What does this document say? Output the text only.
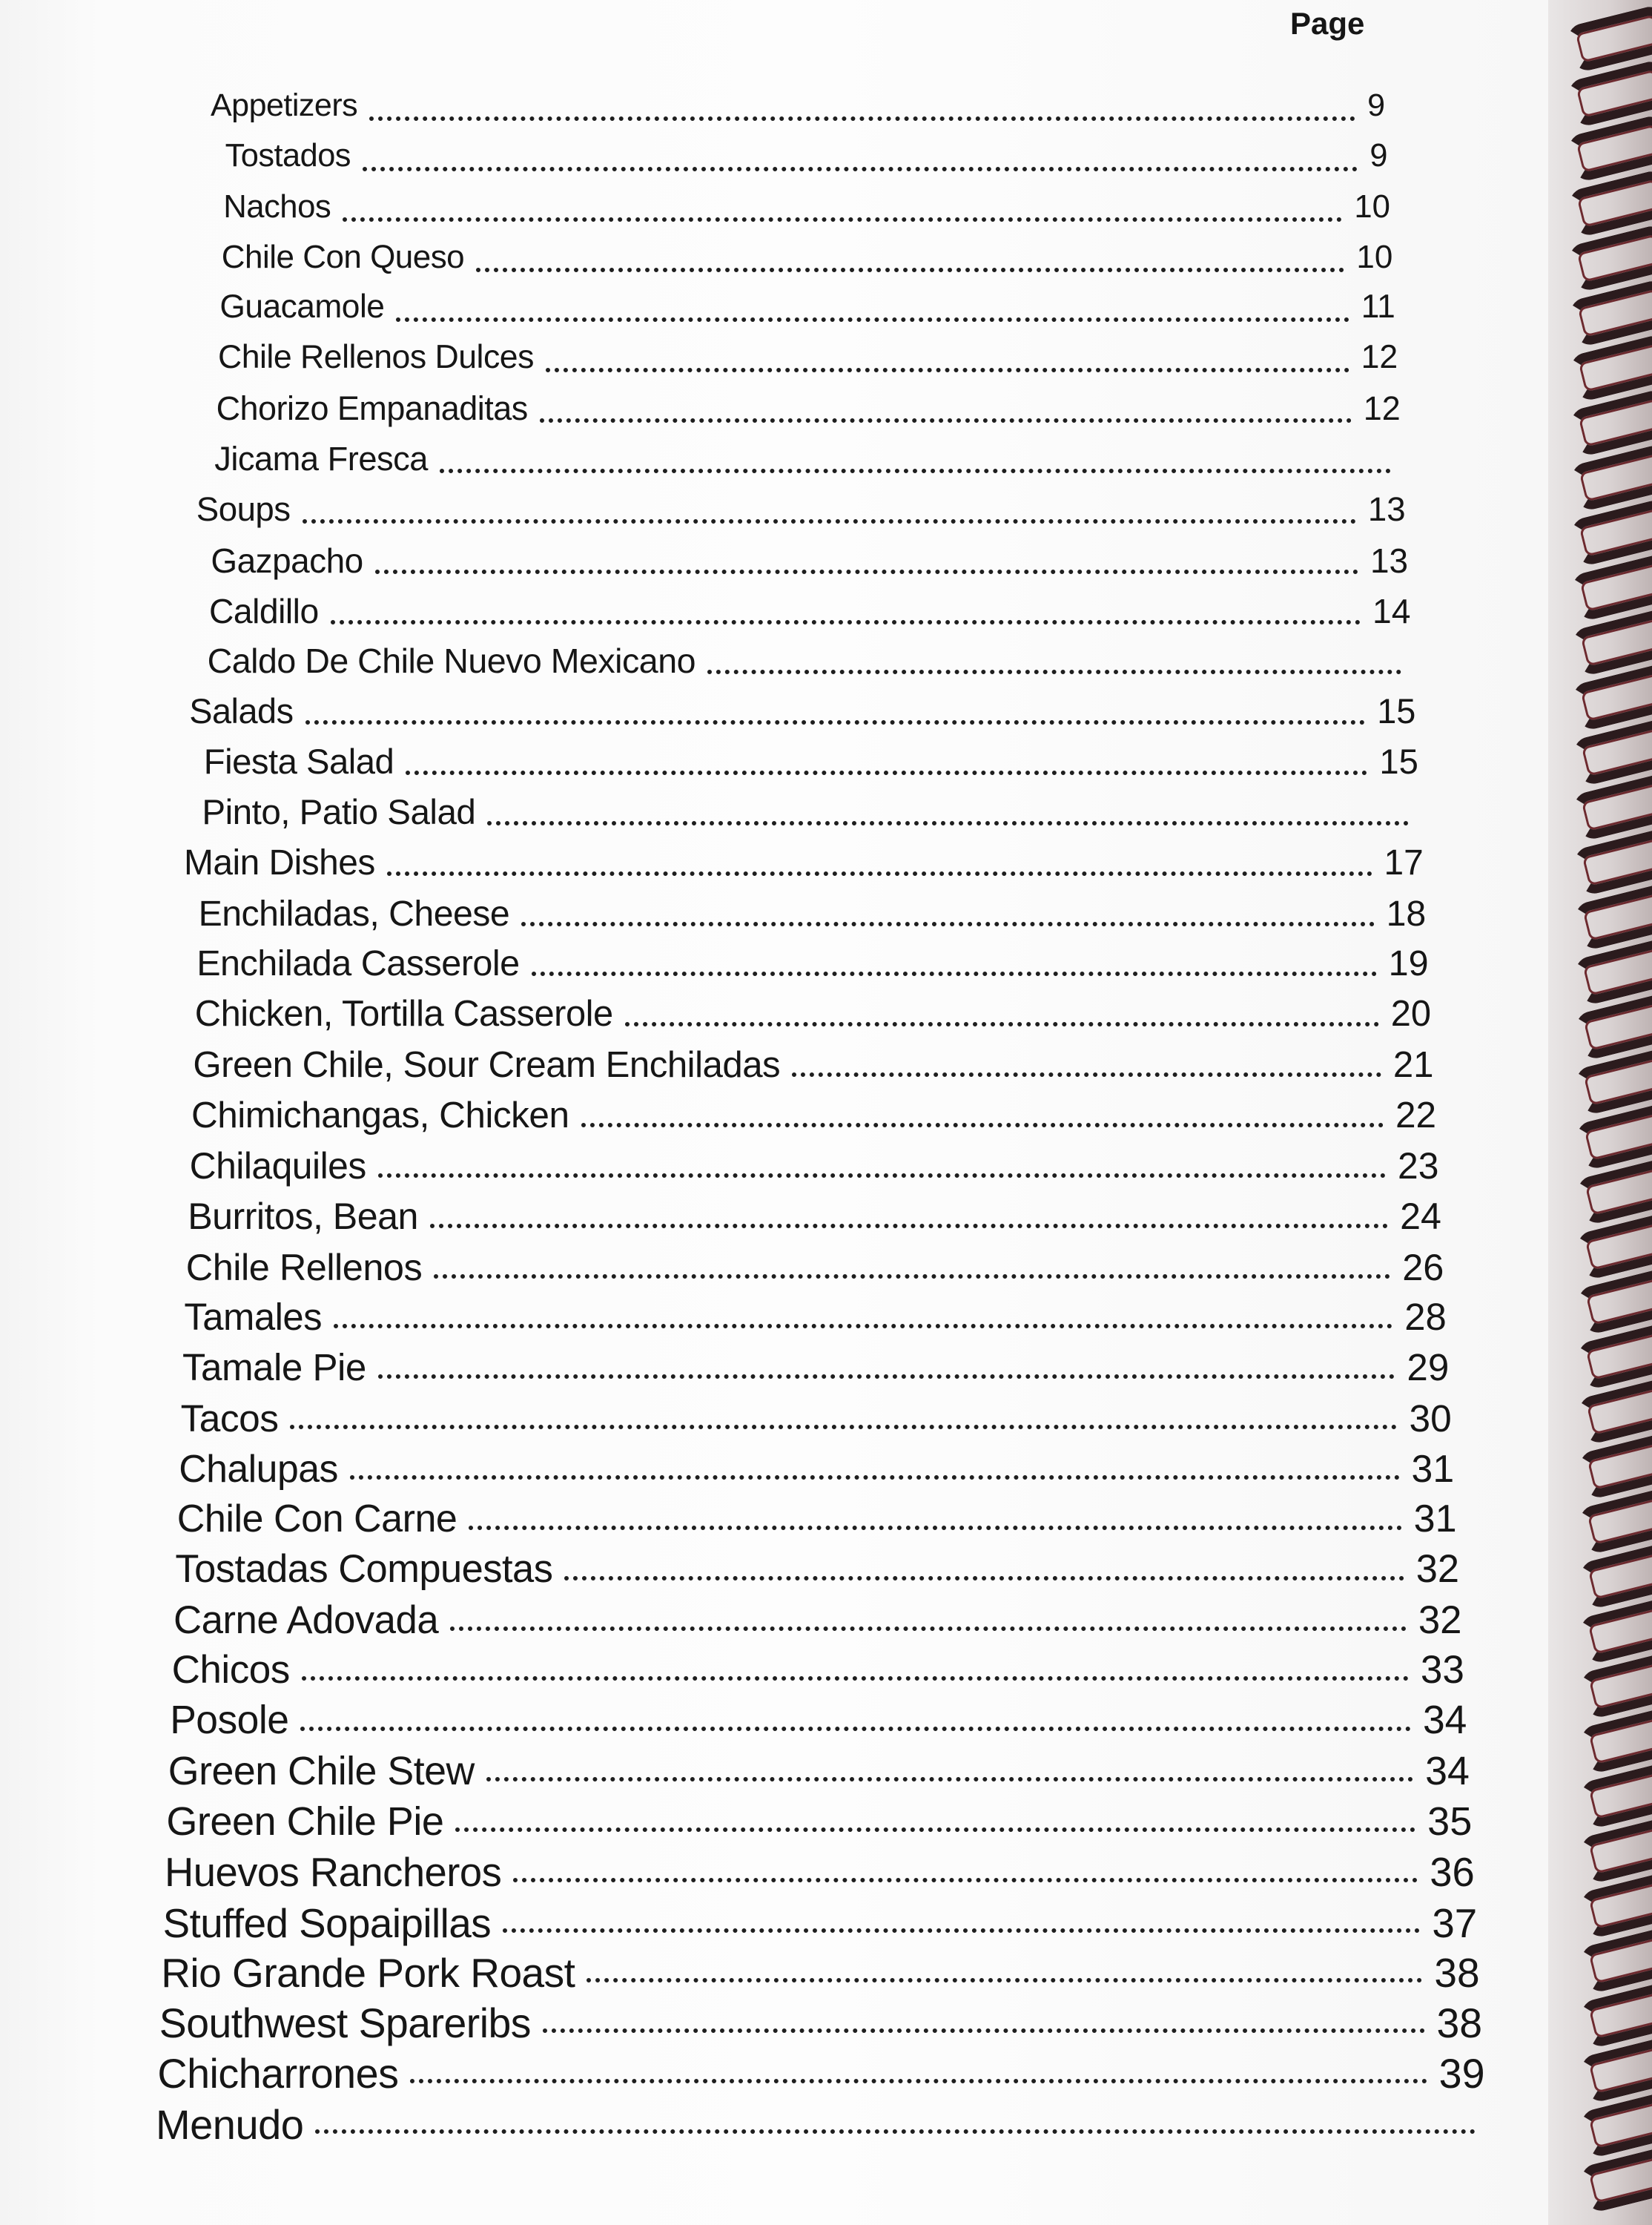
Page
Appetizers	9
Tostados	9
Nachos	10
Chile Con Queso	10
Guacamole	11
Chile Rellenos Dulces	12
Chorizo Empanaditas	12
Jicama Fresca
Soups	13
Gazpacho	13
Caldillo	14
Caldo De Chile Nuevo Mexicano
Salads	15
Fiesta Salad	15
Pinto, Patio Salad
Main Dishes	17
Enchiladas, Cheese	18
Enchilada Casserole	19
Chicken, Tortilla Casserole	20
Green Chile, Sour Cream Enchiladas	21
Chimichangas, Chicken	22
Chilaquiles	23
Burritos, Bean	24
Chile Rellenos	26
Tamales	28
Tamale Pie	29
Tacos	30
Chalupas	31
Chile Con Carne	31
Tostadas Compuestas	32
Carne Adovada	32
Chicos	33
Posole	34
Green Chile Stew	34
Green Chile Pie	35
Huevos Rancheros	36
Stuffed Sopaipillas	37
Rio Grande Pork Roast	38
Southwest Spareribs	38
Chicharrones	39
Menudo
